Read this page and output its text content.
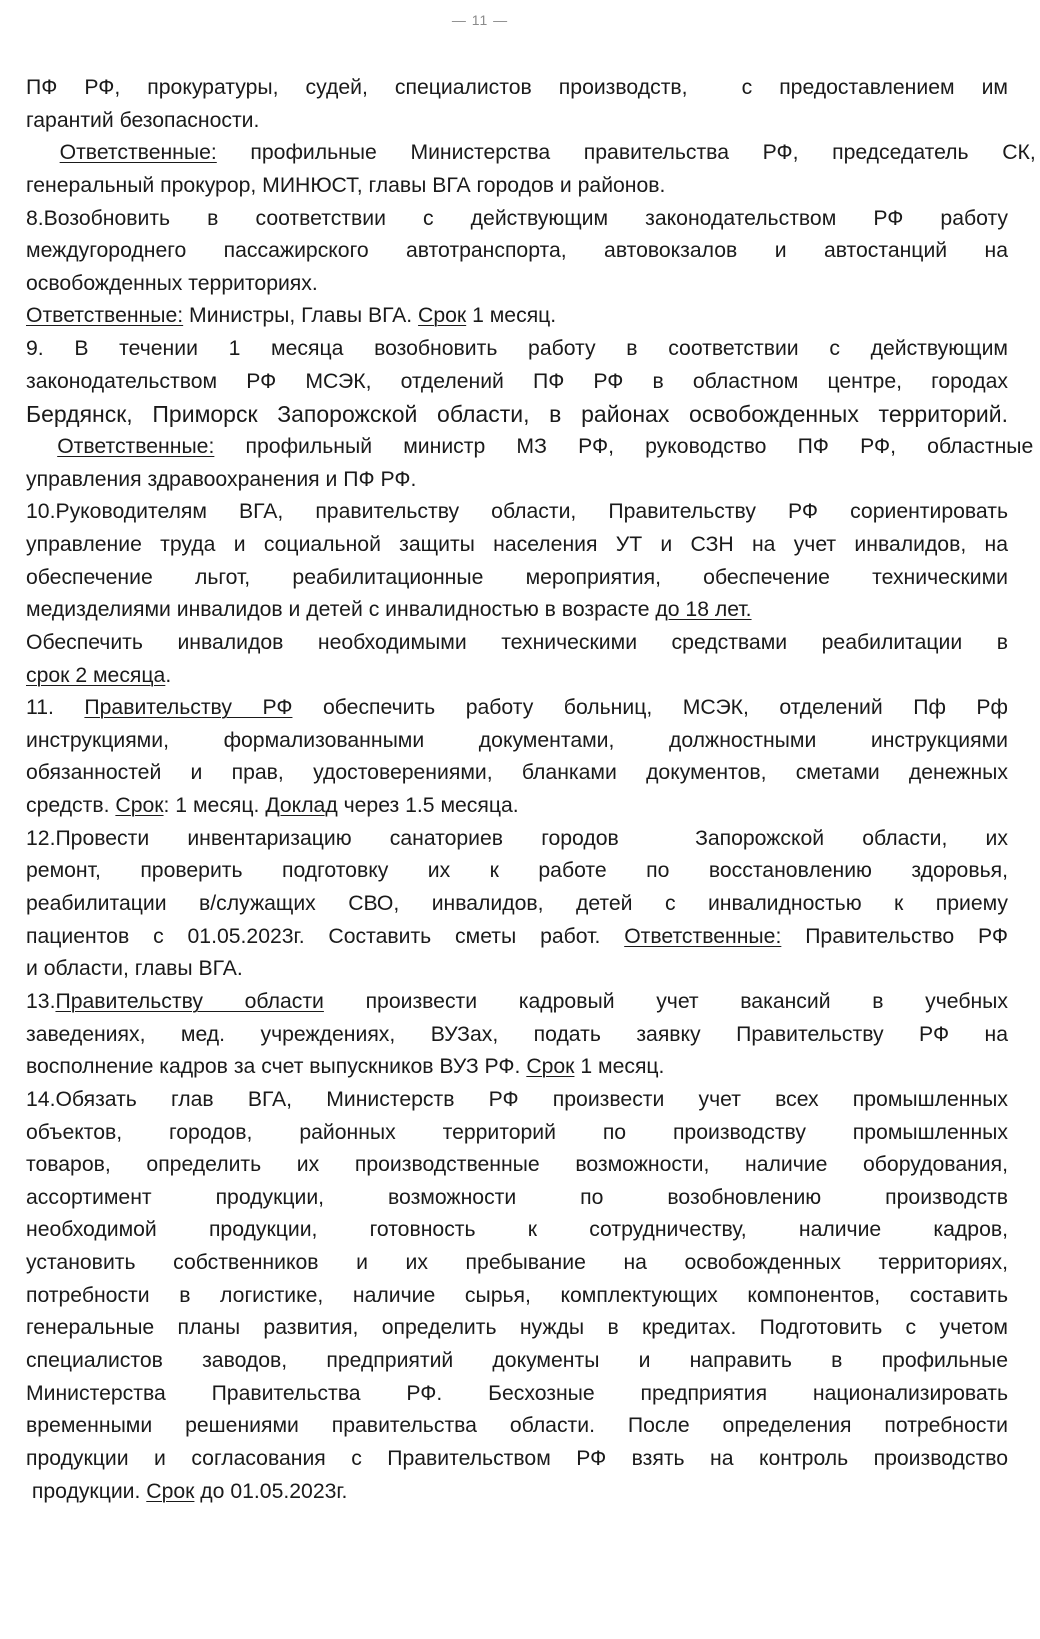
— 11 —
ПФ РФ, прокуратуры, судей, специалистов производств,  с предоставлением им
гарантий безопасности.
Ответственные: профильные Министерства правительства РФ, председатель СК,
генеральный прокурор, МИНЮСТ, главы ВГА городов и районов.
8.Возобновить в соответствии с действующим законодательством РФ работу
междугороднего пассажирского автотранспорта, автовокзалов и автостанций на
освобожденных территориях.
Ответственные: Министры, Главы ВГА. Срок 1 месяц.
9. В течении 1 месяца возобновить работу в соответствии с действующим
законодательством РФ МСЭК, отделений ПФ РФ в областном центре, городах
Бердянск, Приморск Запорожской области, в районах освобожденных территорий.
Ответственные: профильный министр МЗ РФ, руководство ПФ РФ, областные
управления здравоохранения и ПФ РФ.
10.Руководителям ВГА, правительству области, Правительству РФ сориентировать
управление труда и социальной защиты населения УТ и СЗН на учет инвалидов, на
обеспечение льгот, реабилитационные мероприятия, обеспечение техническими
медизделиями инвалидов и детей с инвалидностью в возрасте до 18 лет.
Обеспечить инвалидов необходимыми техническими средствами реабилитации в
срок 2 месяца.
11. Правительству РФ обеспечить работу больниц, МСЭК, отделений Пф Рф
инструкциями, формализованными документами, должностными инструкциями
обязанностей и прав, удостоверениями, бланками документов, сметами денежных
средств. Срок: 1 месяц. Доклад через 1.5 месяца.
12.Провести инвентаризацию санаториев городов  Запорожской области, их
ремонт, проверить подготовку их к работе по восстановлению здоровья,
реабилитации в/служащих СВО, инвалидов, детей с инвалидностью к приему
пациентов с 01.05.2023г. Составить сметы работ. Ответственные: Правительство РФ
и области, главы ВГА.
13.Правительству области произвести кадровый учет вакансий в учебных
заведениях, мед. учреждениях, ВУЗах, подать заявку Правительству РФ на
восполнение кадров за счет выпускников ВУЗ РФ. Срок 1 месяц.
14.Обязать глав ВГА, Министерств РФ произвести учет всех промышленных
объектов, городов, районных территорий по производству промышленных
товаров, определить их производственные возможности, наличие оборудования,
ассортимент продукции, возможности по возобновлению производств
необходимой продукции, готовность к сотрудничеству, наличие кадров,
установить собственников и их пребывание на освобожденных территориях,
потребности в логистике, наличие сырья, комплектующих компонентов, составить
генеральные планы развития, определить нужды в кредитах. Подготовить с учетом
специалистов заводов, предприятий документы и направить в профильные
Министерства Правительства РФ. Бесхозные предприятия национализировать
временными решениями правительства области. После определения потребности
продукции и согласования с Правительством РФ взять на контроль производство
продукции. Срок до 01.05.2023г.
